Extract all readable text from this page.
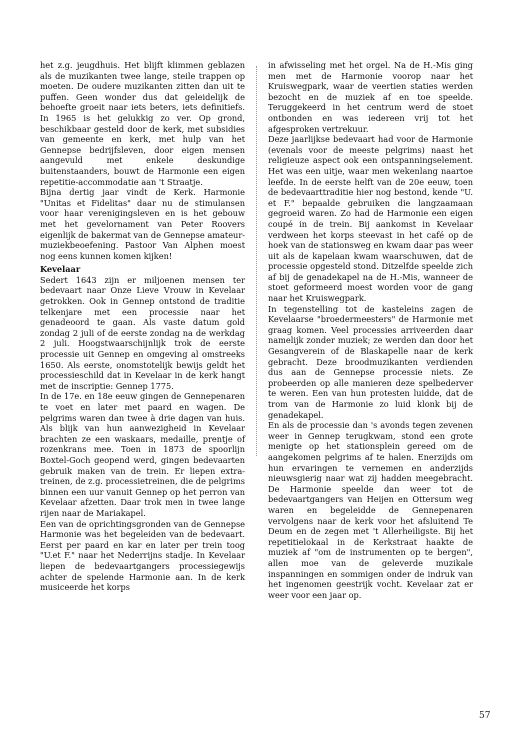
het z.g. jeugdhuis. Het blijft klimmen geblazen als de muzikanten twee lange, steile trappen op moeten. De oudere muzikanten zitten dan uit te puffen. Geen wonder dus dat geleidelijk de behoefte groeit naar iets beters, iets definitiefs. In 1965 is het gelukkig zo ver. Op grond, beschikbaar gesteld door de kerk, met subsidies van gemeente en kerk, met hulp van het Gennepse bedrijfsleven, door eigen mensen aangevuld met enkele deskundige buitenstaanders, bouwt de Harmonie een eigen repetitie-accommodatie aan 't Straatje.

Bijna dertig jaar vindt de Kerk. Harmonie "Unitas et Fidelitas" daar nu de stimulansen voor haar verenigingsleven en is het gebouw met het gevelornament van Peter Roovers eigenlijk de bakermat van de Gennepse amateur-muziekbeoefening. Pastoor Van Alphen moest nog eens kunnen komen kijken!

Kevelaar

Sedert 1643 zijn er miljoenen mensen ter bedevaart naar Onze Lieve Vrouw in Kevelaar getrokken. Ook in Gennep ontstond de traditie telkenjare met een processie naar het genadeoord te gaan. Als vaste datum gold zondag 2 juli of de eerste zondag na de werkdag 2 juli. Hoogstwaarschijnlijk trok de eerste processie uit Gennep en omgeving al omstreeks 1650. Als eerste, onomstotelijk bewijs geldt het processieschild dat in Kevelaar in de kerk hangt met de inscriptie: Gennep 1775.

In de 17e. en 18e eeuw gingen de Gennepenaren te voet en later met paard en wagen. De pelgrims waren dan twee à drie dagen van huis. Als blijk van hun aanwezigheid in Kevelaar brachten ze een waskaars, medaille, prentje of rozenkrans mee. Toen in 1873 de spoorlijn Boxtel-Goch geopend werd, gingen bedevaarten gebruik maken van de trein. Er liepen extra-treinen, de z.g. processietreinen, die de pelgrims binnen een uur vanuit Gennep op het perron van Kevelaar afzetten. Daar trok men in twee lange rijen naar de Mariakapel.

Een van de oprichtingsgronden van de Gennepse Harmonie was het begeleiden van de bedevaart. Eerst per paard en kar en later per trein toog "U.et F." naar het Nederrijns stadje. In Kevelaar liepen de bedevaartgangers processiegewijs achter de spelende Harmonie aan. In de kerk musiceerde het korps

in afwisseling met het orgel. Na de H.-Mis ging men met de Harmonie voorop naar het Kruiswegpark, waar de veertien staties werden bezocht en de muziek af en toe speelde. Teruggekeerd in het centrum werd de stoet ontbonden en was iedereen vrij tot het afgesproken vertrekuur.

Deze jaarlijkse bedevaart had voor de Harmonie (evenals voor de meeste pelgrims) naast het religieuze aspect ook een ontspanningselement. Het was een uitje, waar men wekenlang naartoe leefde. In de eerste helft van de 20e eeuw, toen de bedevaarttraditie hier nog bestond, kende "U. et F." bepaalde gebruiken die langzaamaan gegroeid waren. Zo had de Harmonie een eigen coupé in de trein. Bij aankomst in Kevelaar verdween het korps steevast in het café op de hoek van de stationsweg en kwam daar pas weer uit als de kapelaan kwam waarschuwen, dat de processie opgesteld stond. Ditzelfde speelde zich af bij de genadekapel na de H.-Mis, wanneer de stoet geformeerd moest worden voor de gang naar het Kruiswegpark.

In tegenstelling tot de kasteleins zagen de Kevelaarse "broedermeesters" de Harmonie met graag komen. Veel processies arriveerden daar namelijk zonder muziek; ze werden dan door het Gesangverein of de Blaskapelle naar de kerk gebracht. Deze broodmuzikanten verdienden dus aan de Gennepse processie niets. Ze probeerden op alle manieren deze spelbederver te weren. Een van hun protesten luidde, dat de trom van de Harmonie zo luid klonk bij de genadekapel.

En als de processie dan 's avonds tegen zevenen weer in Gennep terugkwam, stond een grote menigte op het stationsplein gereed om de aangekomen pelgrims af te halen. Enerzijds om hun ervaringen te vernemen en anderzijds nieuwsgierig naar wat zij hadden meegebracht. De Harmonie speelde dan weer tot de bedevaartgangers van Heijen en Ottersum weg waren en begeleidde de Gennepenaren vervolgens naar de kerk voor het afsluitend Te Deum en de zegen met 't Allerheiligste. Bij het repetitielokaal in de Kerkstraat haakte de muziek af "om de instrumenten op te bergen", allen moe van de geleverde muzikale inspanningen en sommigen onder de indruk van het ingenomen geestrijk vocht. Kevelaar zat er weer voor een jaar op.

57
